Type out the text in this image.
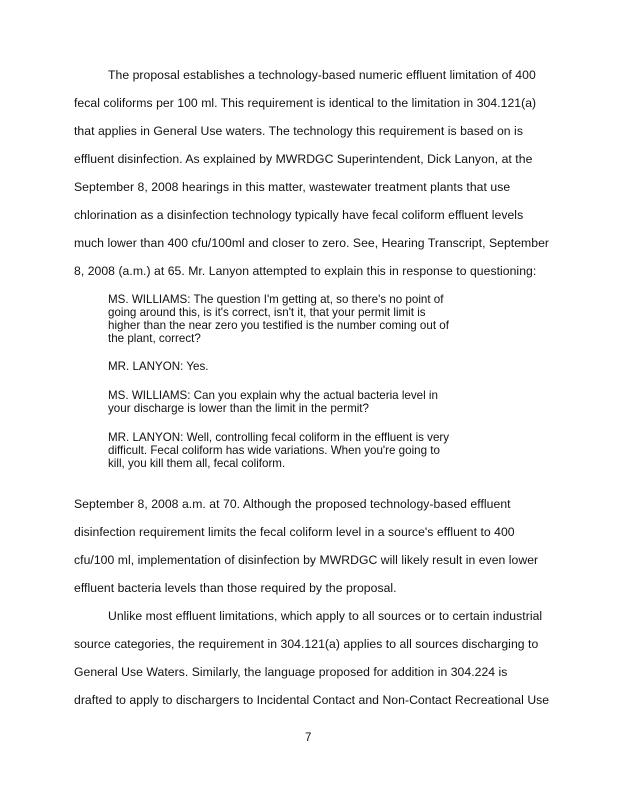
The proposal establishes a technology-based numeric effluent limitation of 400
fecal coliforms per 100 ml. This requirement is identical to the limitation in 304.121(a)
that applies in General Use waters. The technology this requirement is based on is
effluent disinfection. As explained by MWRDGC Superintendent, Dick Lanyon, at the
September 8, 2008 hearings in this matter, wastewater treatment plants that use
chlorination as a disinfection technology typically have fecal coliform effluent levels
much lower than 400 cfu/100ml and closer to zero. See, Hearing Transcript, September
8, 2008 (a.m.) at 65. Mr. Lanyon attempted to explain this in response to questioning:
MS. WILLIAMS: The question I'm getting at, so there's no point of
going around this, is it's correct, isn't it, that your permit limit is
higher than the near zero you testified is the number coming out of
the plant, correct?
MR. LANYON: Yes.
MS. WILLIAMS: Can you explain why the actual bacteria level in
your discharge is lower than the limit in the permit?
MR. LANYON: Well, controlling fecal coliform in the effluent is very
difficult. Fecal coliform has wide variations. When you're going to
kill, you kill them all, fecal coliform.
September 8, 2008 a.m. at 70. Although the proposed technology-based effluent
disinfection requirement limits the fecal coliform level in a source's effluent to 400
cfu/100 ml, implementation of disinfection by MWRDGC will likely result in even lower
effluent bacteria levels than those required by the proposal.
Unlike most effluent limitations, which apply to all sources or to certain industrial
source categories, the requirement in 304.121(a) applies to all sources discharging to
General Use Waters. Similarly, the language proposed for addition in 304.224 is
drafted to apply to dischargers to Incidental Contact and Non-Contact Recreational Use
7
